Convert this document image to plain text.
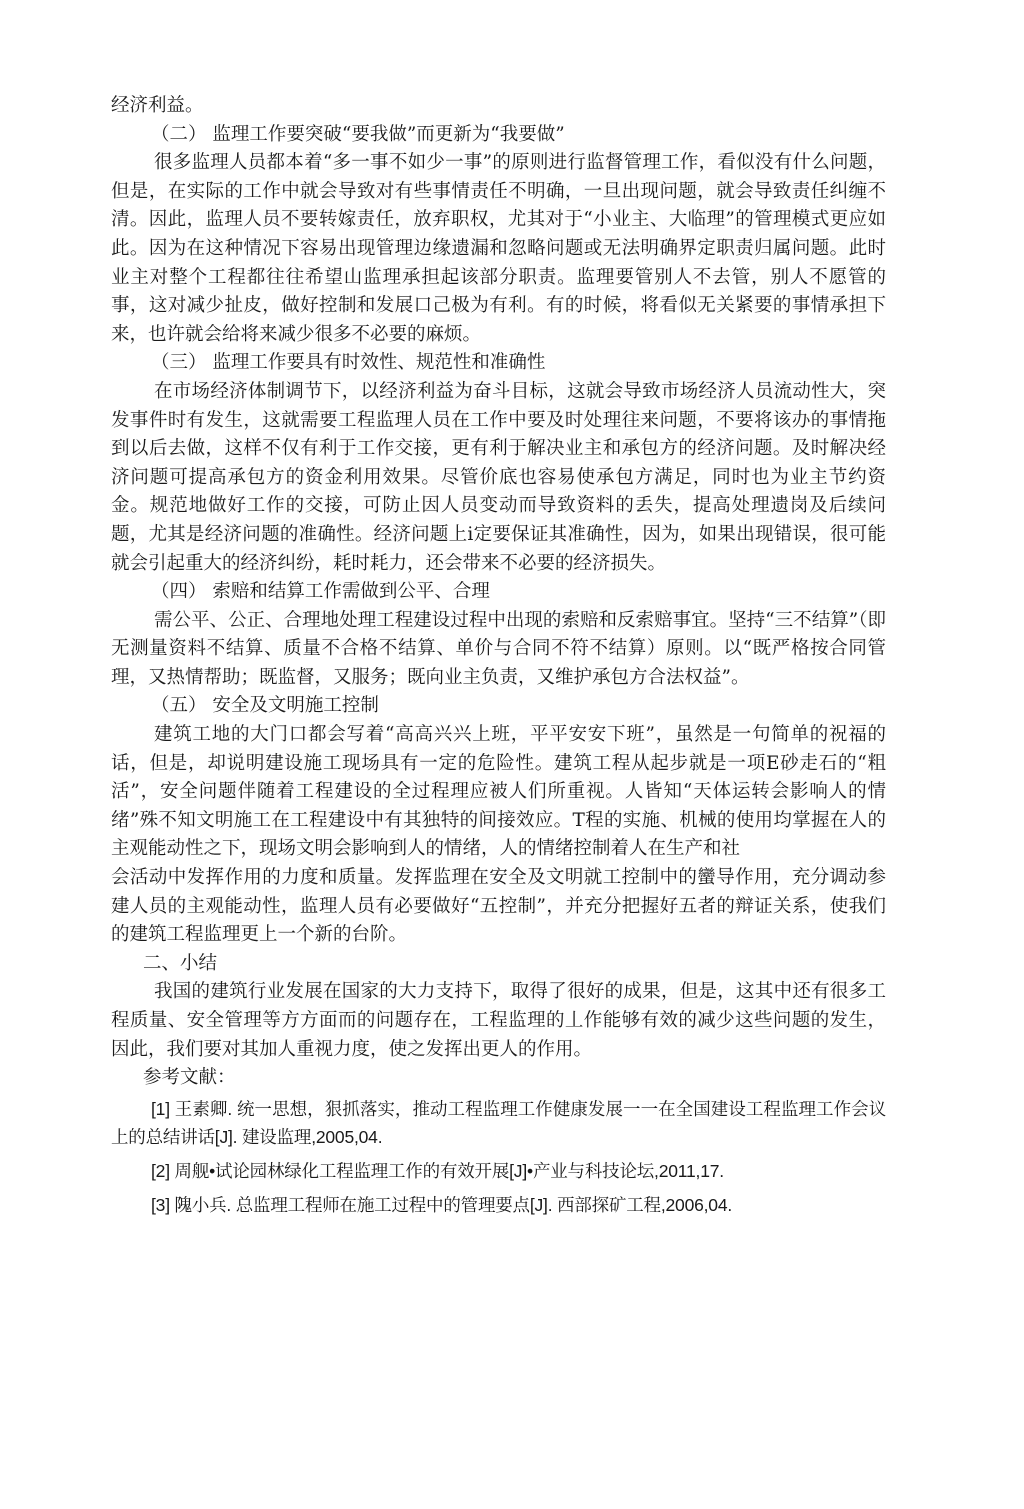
经济利益。

（二） 监理工作要突破“要我做”而更新为“我要做”

很多监理人员都本着“多一事不如少一事”的原则进行监督管理工作，看似没有什么问题，但是，在实际的工作中就会导致对有些事情责任不明确，一旦出现问题，就会导致责任纠缠不清。因此，监理人员不要转嫁责任，放弃职权，尤其对于“小业主、大临理”的管理模式更应如此。因为在这种情况下容易出现管理边缘遗漏和忽略问题或无法明确界定职责归属问题。此时业主对整个工程都往往希望山监理承担起该部分职责。监理要管别人不去管，别人不愿管的事，这对减少扯皮，做好控制和发展口己极为有利。有的时候，将看似无关紧要的事情承担下来，也许就会给将来减少很多不必要的麻烦。

（三） 监理工作要具有时效性、规范性和准确性

在市场经济体制调节下，以经济利益为奋斗目标，这就会导致市场经济人员流动性大，突发事件时有发生，这就需要工程监理人员在工作中要及时处理往来问题，不要将该办的事情拖到以后去做，这样不仅有利于工作交接，更有利于解决业主和承包方的经济问题。及时解决经济问题可提高承包方的资金利用效果。尽管价底也容易使承包方满足，同时也为业主节约资金。规范地做好工作的交接，可防止因人员变动而导致资料的丢失，提高处理遗岗及后续问题，尤其是经济问题的准确性。经济问题上i定要保证其准确性，因为，如果出现错误，很可能就会引起重大的经济纠纷，耗时耗力，还会带来不必要的经济损失。

（四） 索赔和结算工作需做到公平、合理

需公平、公正、合理地处理工程建设过程中出现的索赔和反索赔事宜。坚持“三不结算”（即无测量资料不结算、质量不合格不结算、单价与合同不符不结算）原则。以“既严格按合同管理，又热情帮助；既监督，又服务；既向业主负责，又维护承包方合法权益”。

（五） 安全及文明施工控制

建筑工地的大门口都会写着“高高兴兴上班，平平安安下班”，虽然是一句简单的祝福的话，但是，却说明建设施工现场具有一定的危险性。建筑工程从起步就是一项E砂走石的“粗活”，安全问题伴随着工程建设的全过程理应被人们所重视。人皆知“天体运转会影响人的情绪”殊不知文明施工在工程建设中有其独特的间接效应。T程的实施、机械的使用均掌握在人的主观能动性之下，现场文明会影响到人的情绪，人的情绪控制着人在生产和社

会活动中发挥作用的力度和质量。发挥监理在安全及文明就工控制中的蠻导作用，充分调动参建人员的主观能动性，监理人员有必要做好“五控制”，并充分把握好五者的辩证关系，使我们的建筑工程监理更上一个新的台阶。

二、小结

我国的建筑行业发展在国家的大力支持下，取得了很好的成果，但是，这其中还有很多工程质量、安全管理等方方面而的问题存在，工程监理的丄作能够有效的减少这些问题的发生，因此，我们要对其加人重视力度，使之发挥出更人的作用。

参考文献：

[1] 王素卿. 统一思想，狠抓落实，推动工程监理工作健康发展一一在全国建设工程监理工作会议上的总结讲话[J]. 建设监理,2005,04.

[2] 周舰•试论园林绿化工程监理工作的有效开展[J]•产业与科技论坛,2011,17.

[3] 隗小兵. 总监理工程师在施工过程中的管理要点[J]. 西部探矿工程,2006,04.
